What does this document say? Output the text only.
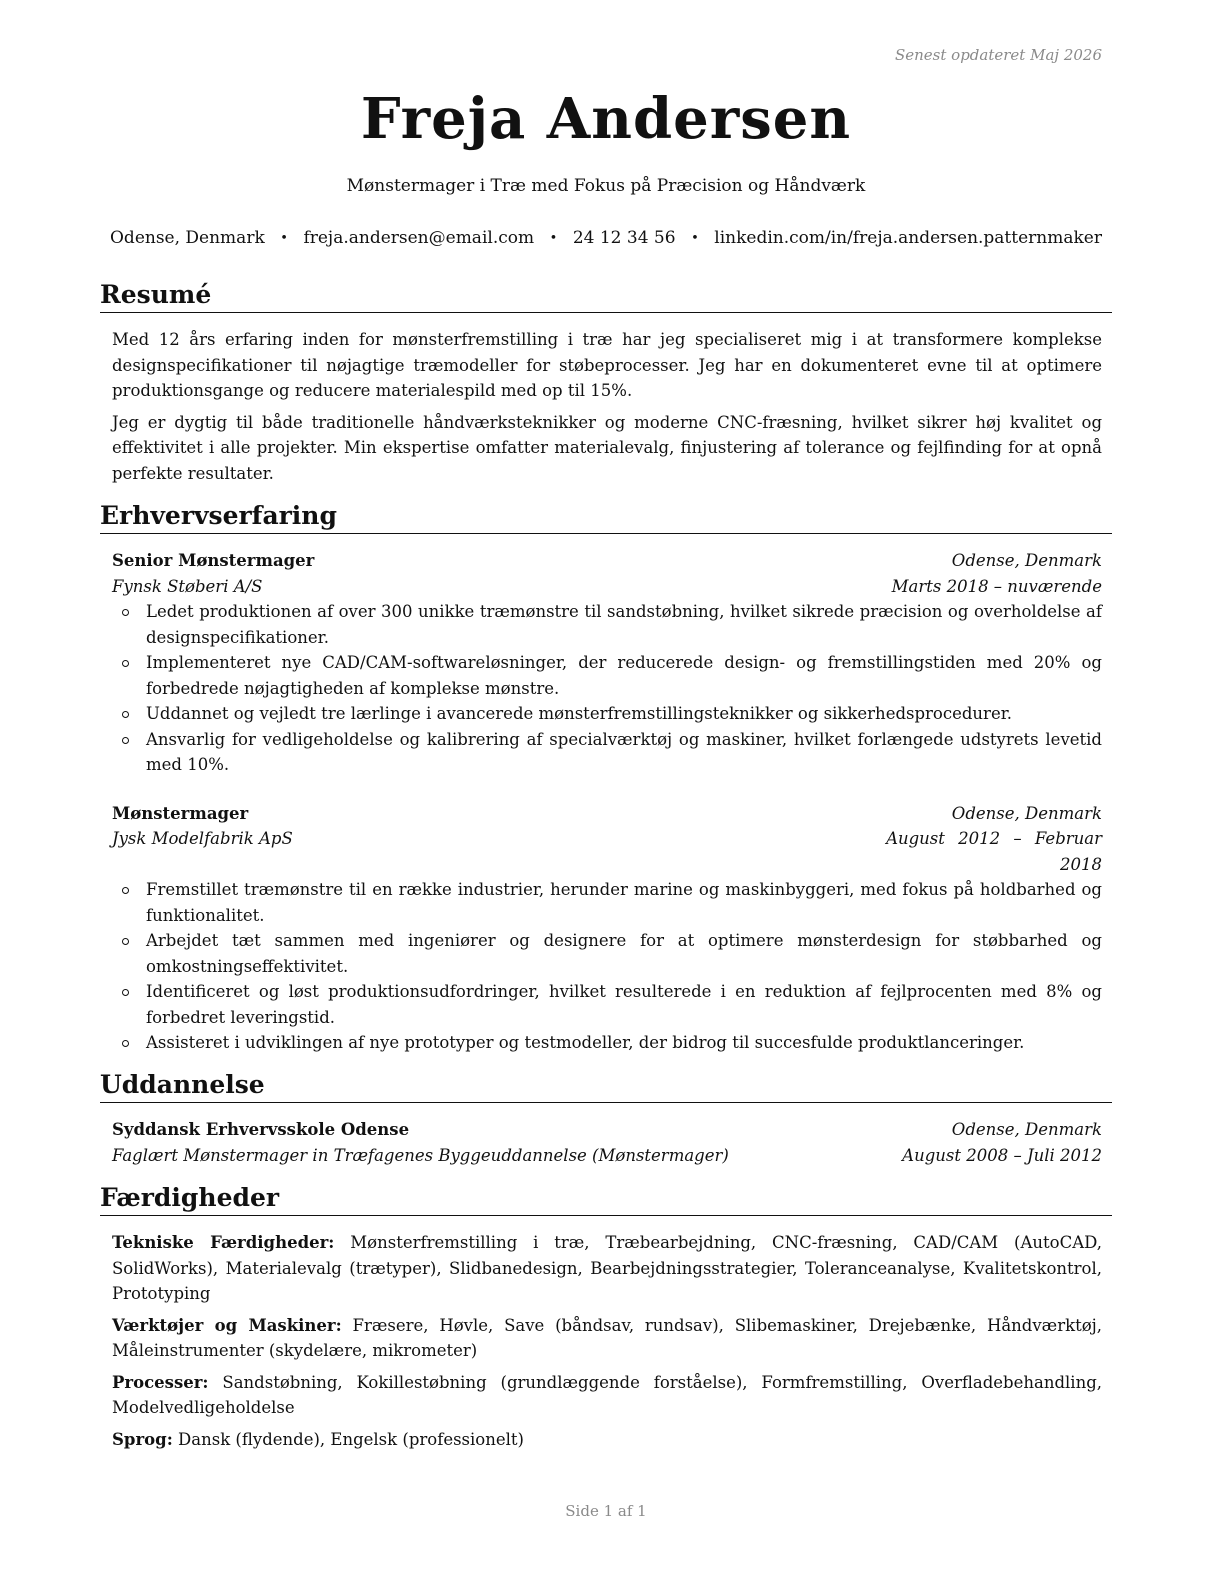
Senest opdateret Maj 2026
Freja Andersen
Mønstermager i Træ med Fokus på Præcision og Håndværk
Odense, Denmark • freja.andersen@email.com • 24 12 34 56 • linkedin.com/in/freja.andersen.patternmaker
Resumé

Med 12 års erfaring inden for mønsterfremstilling i træ har jeg specialiseret mig i at transformere komplekse designspecifikationer til nøjagtige træmodeller for støbeprocesser. Jeg har en dokumenteret evne til at optimere produktionsgange og reducere materialespild med op til 15%.

Jeg er dygtig til både traditionelle håndværksteknikker og moderne CNC-fræsning, hvilket sikrer høj kvalitet og effektivitet i alle projekter. Min ekspertise omfatter materialevalg, finjustering af tolerance og fejlfinding for at opnå perfekte resultater.

Erhvervserfaring
Senior Mønstermager	Odense, Denmark
Fynsk Støberi A/S	Marts 2018 – nuværende
Ledet produktionen af over 300 unikke træmønstre til sandstøbning, hvilket sikrede præcision og overholdelse af designspecifikationer.
Implementeret nye CAD/CAM-softwareløsninger, der reducerede design- og fremstillingstiden med 20% og forbedrede nøjagtigheden af komplekse mønstre.
Uddannet og vejledt tre lærlinge i avancerede mønsterfremstillingsteknikker og sikkerhedsprocedurer.
Ansvarlig for vedligeholdelse og kalibrering af specialværktøj og maskiner, hvilket forlængede udstyrets levetid med 10%.
Mønstermager	Odense, Denmark
Jysk Modelfabrik ApS	August 2012 – Februar
2018
Fremstillet træmønstre til en række industrier, herunder marine og maskinbyggeri, med fokus på holdbarhed og funktionalitet.
Arbejdet tæt sammen med ingeniører og designere for at optimere mønsterdesign for støbbarhed og omkostningseffektivitet.
Identificeret og løst produktionsudfordringer, hvilket resulterede i en reduktion af fejlprocenten med 8% og forbedret leveringstid.
Assisteret i udviklingen af nye prototyper og testmodeller, der bidrog til succesfulde produktlanceringer.
Uddannelse
Syddansk Erhvervsskole Odense	Odense, Denmark
Faglært Mønstermager in Træfagenes Byggeuddannelse (Mønstermager)	August 2008 – Juli 2012
Færdigheder

Tekniske Færdigheder: Mønsterfremstilling i træ, Træbearbejdning, CNC-fræsning, CAD/CAM (AutoCAD, SolidWorks), Materialevalg (trætyper), Slidbanedesign, Bearbejdningsstrategier, Toleranceanalyse, Kvalitetskontrol, Prototyping

Værktøjer og Maskiner: Fræsere, Høvle, Save (båndsav, rundsav), Slibemaskiner, Drejebænke, Håndværktøj, Måleinstrumenter (skydelære, mikrometer)

Processer: Sandstøbning, Kokillestøbning (grundlæggende forståelse), Formfremstilling, Overfladebehandling, Modelvedligeholdelse

Sprog: Dansk (flydende), Engelsk (professionelt)

Side 1 af 1
